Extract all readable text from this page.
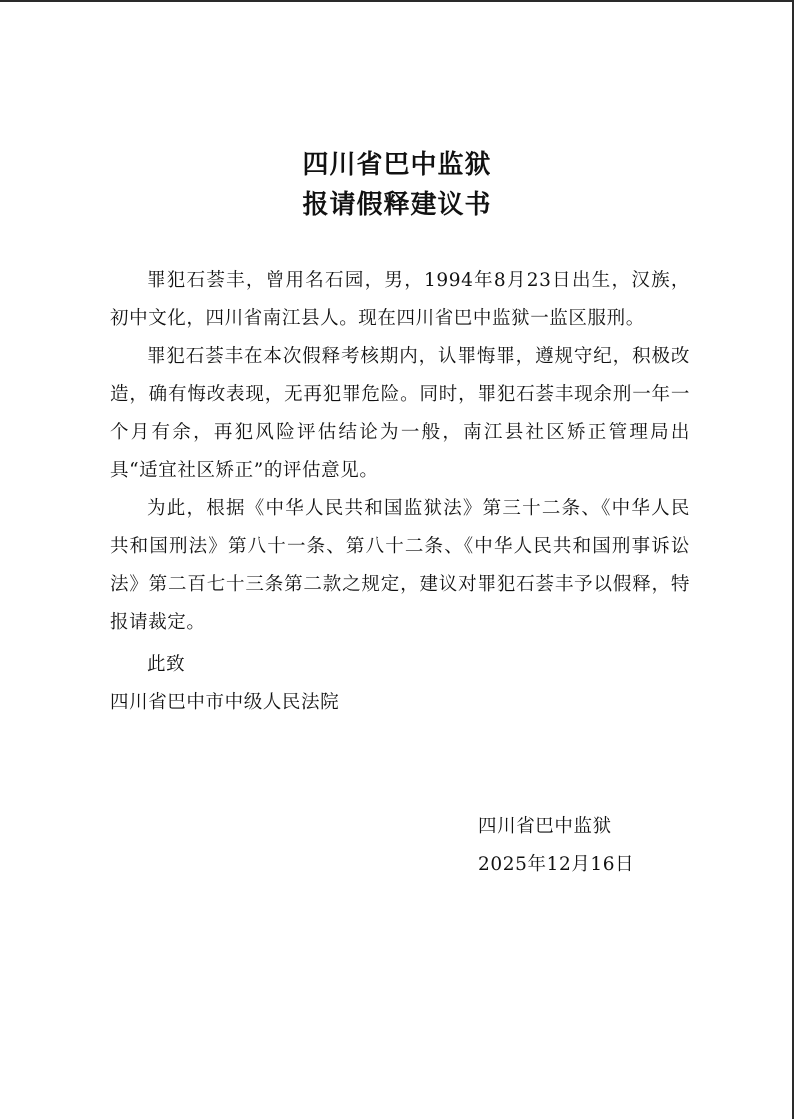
四川省巴中监狱
报请假释建议书

罪犯石荟丰，曾用名石园，男，1994年8月23日出生，汉族，初中文化，四川省南江县人。现在四川省巴中监狱一监区服刑。

罪犯石荟丰在本次假释考核期内，认罪悔罪，遵规守纪，积极改造，确有悔改表现，无再犯罪危险。同时，罪犯石荟丰现余刑一年一个月有余，再犯风险评估结论为一般，南江县社区矫正管理局出具“适宜社区矫正”的评估意见。

为此，根据《中华人民共和国监狱法》第三十二条、《中华人民共和国刑法》第八十一条、第八十二条、《中华人民共和国刑事诉讼法》第二百七十三条第二款之规定，建议对罪犯石荟丰予以假释，特报请裁定。

此致

四川省巴中市中级人民法院

四川省巴中监狱

2025年12月16日
